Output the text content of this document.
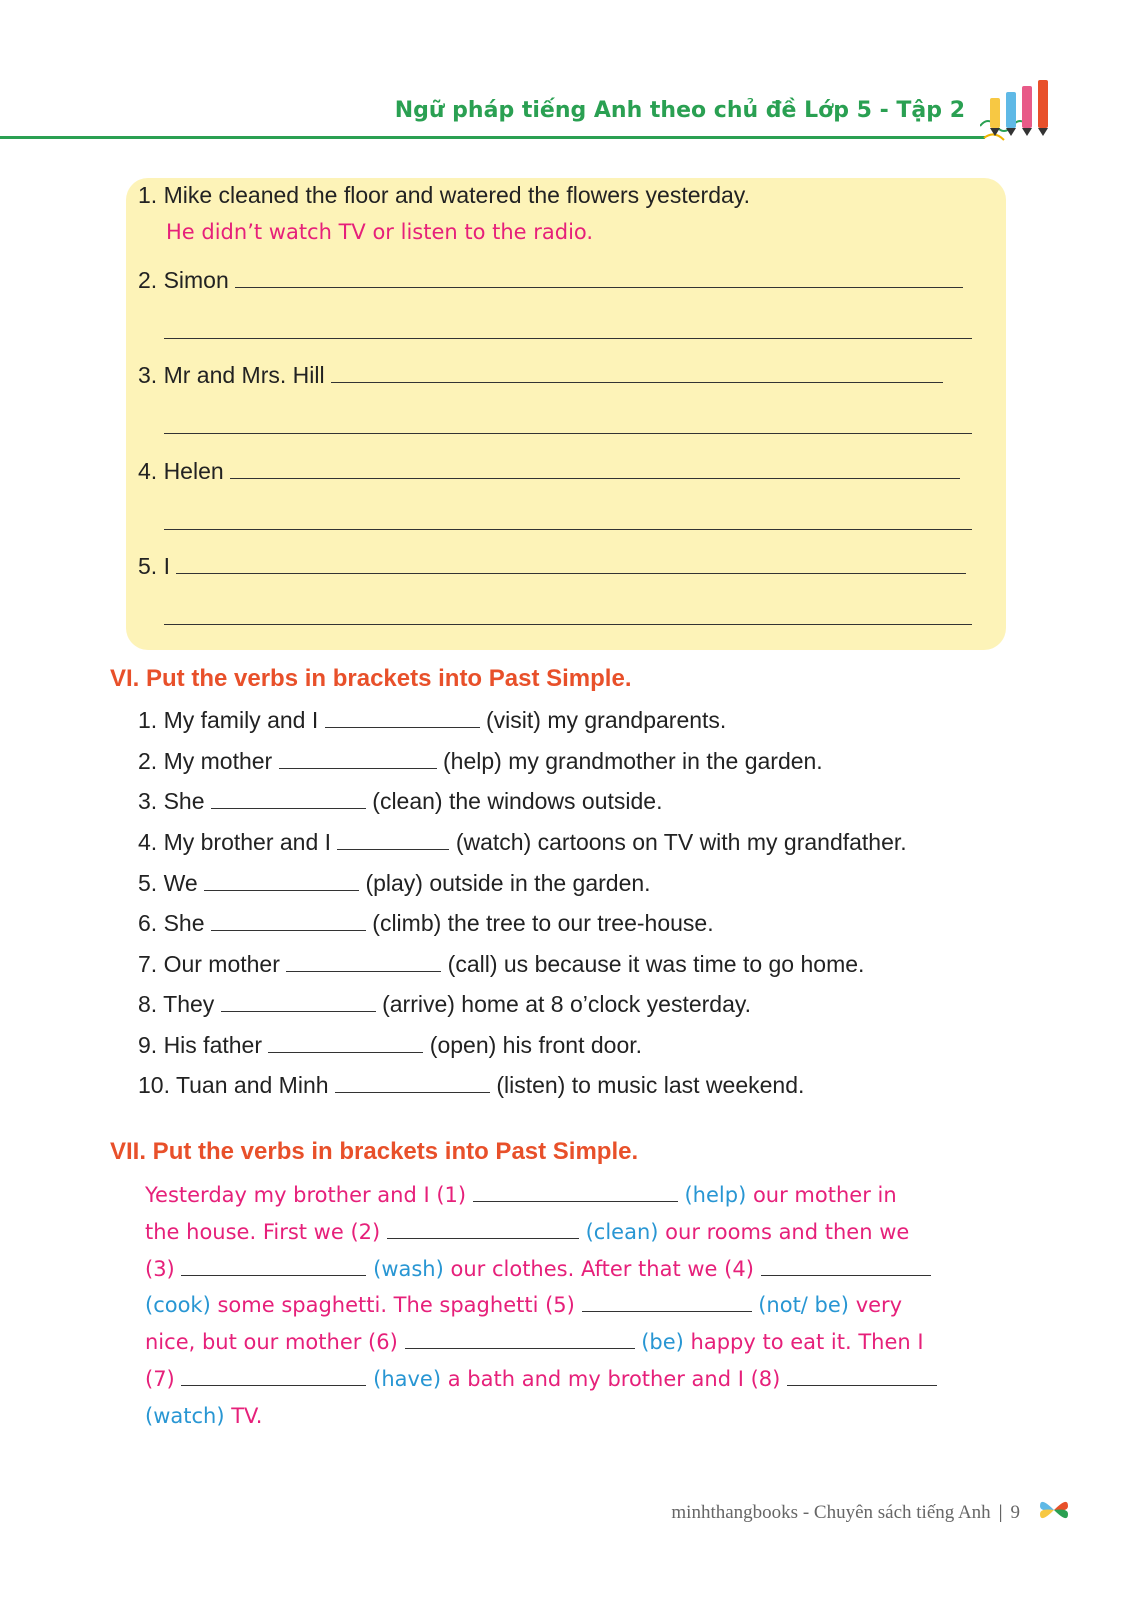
Ngữ pháp tiếng Anh theo chủ đề Lớp 5 - Tập 2
1. Mike cleaned the floor and watered the flowers yesterday.
He didn’t watch TV or listen to the radio.
2. Simon
3. Mr and Mrs. Hill
4. Helen
5. I
VI. Put the verbs in brackets into Past Simple.
1. My family and I	(visit) my grandparents.
2. My mother	(help) my grandmother in the garden.
3. She	(clean) the windows outside.
4. My brother and I	(watch) cartoons on TV with my grandfather.
5. We	(play) outside in the garden.
6. She	(climb) the tree to our tree-house.
7. Our mother	(call) us because it was time to go home.
8. They	(arrive) home at 8 o’clock yesterday.
9. His father	(open) his front door.
10. Tuan and Minh	(listen) to music last weekend.
VII. Put the verbs in brackets into Past Simple.
Yesterday my brother and I (1)	(help) our mother in
the house. First we (2)	(clean) our rooms and then we
(3)	(wash) our clothes. After that we (4)
(cook) some spaghetti. The spaghetti (5)	(not/ be) very
nice, but our mother (6)	(be) happy to eat it. Then I
(7)	(have) a bath and my brother and I (8)
(watch) TV.
minhthangbooks - Chuyên sách tiếng Anh | 9
